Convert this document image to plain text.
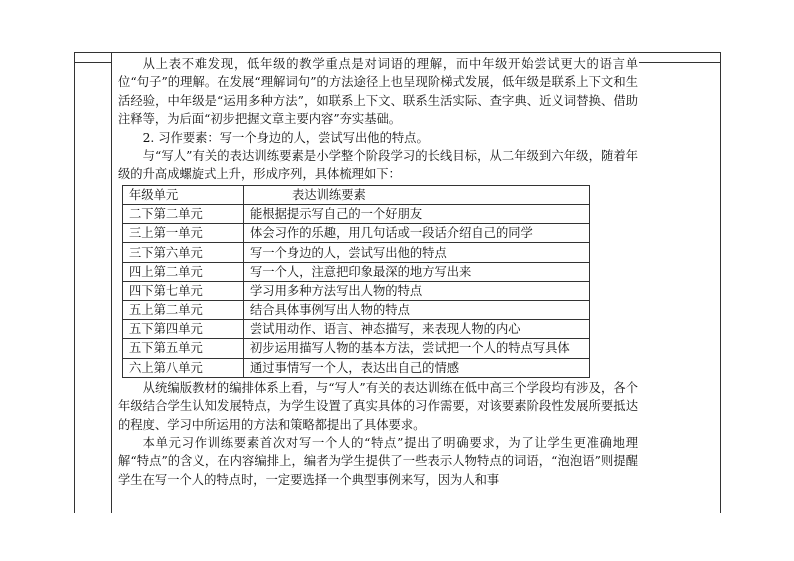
从上表不难发现，低年级的教学重点是对词语的理解，而中年级开始尝试更大的语言单位“句子”的理解。在发展“理解词句”的方法途径上也呈现阶梯式发展，低年级是联系上下文和生活经验，中年级是“运用多种方法”，如联系上下文、联系生活实际、查字典、近义词替换、借助注释等，为后面“初步把握文章主要内容”夯实基础。

2. 习作要素：写一个身边的人，尝试写出他的特点。

与“写人”有关的表达训练要素是小学整个阶段学习的长线目标，从二年级到六年级，随着年级的升高成螺旋式上升，形成序列，具体梳理如下：

年级单元	表达训练要素
二下第二单元	能根据提示写自己的一个好朋友
三上第一单元	体会习作的乐趣，用几句话或一段话介绍自己的同学
三下第六单元	写一个身边的人，尝试写出他的特点
四上第二单元	写一个人，注意把印象最深的地方写出来
四下第七单元	学习用多种方法写出人物的特点
五上第二单元	结合具体事例写出人物的特点
五下第四单元	尝试用动作、语言、神态描写，来表现人物的内心
五下第五单元	初步运用描写人物的基本方法，尝试把一个人的特点写具体
六上第八单元	通过事情写一个人，表达出自己的情感

从统编版教材的编排体系上看，与“写人”有关的表达训练在低中高三个学段均有涉及，各个年级结合学生认知发展特点，为学生设置了真实具体的习作需要，对该要素阶段性发展所要抵达的程度、学习中所运用的方法和策略都提出了具体要求。

本单元习作训练要素首次对写一个人的“特点”提出了明确要求，为了让学生更准确地理解“特点”的含义，在内容编排上，编者为学生提供了一些表示人物特点的词语，“泡泡语”则提醒学生在写一个人的特点时，一定要选择一个典型事例来写，因为人和事
